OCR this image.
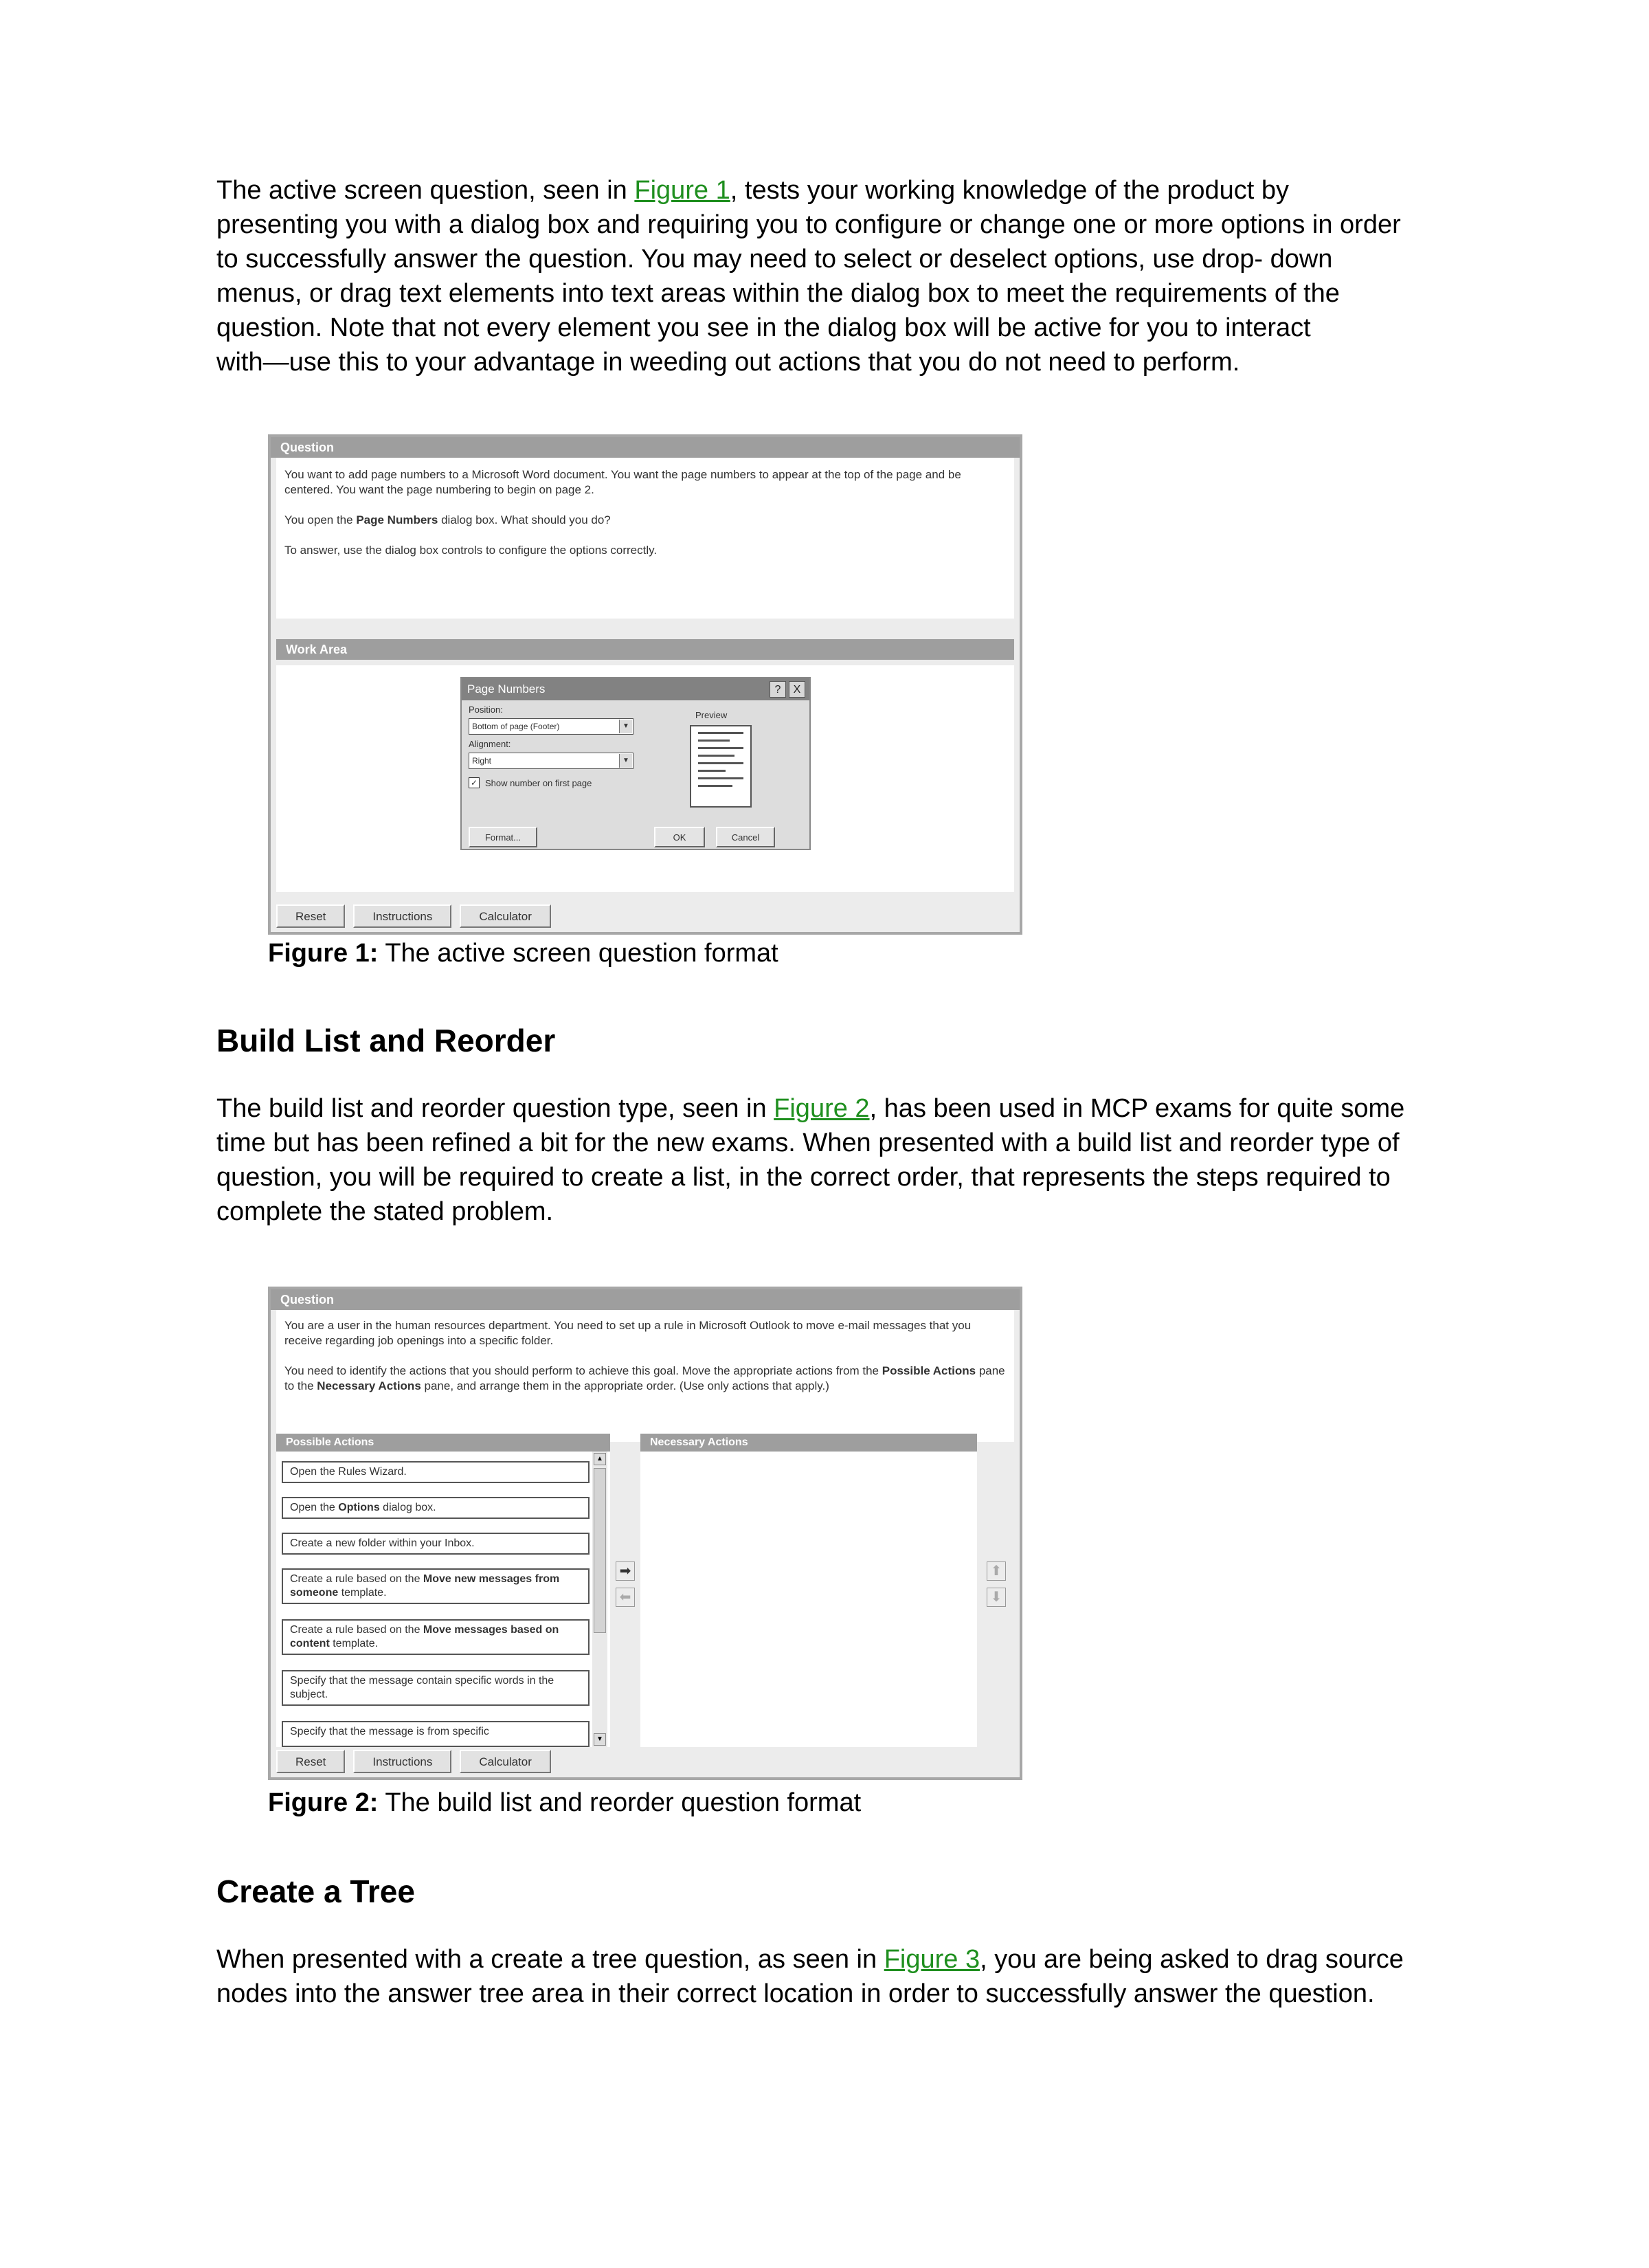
The active screen question, seen in Figure 1, tests your working knowledge of the product by
presenting you with a dialog box and requiring you to configure or change one or more options in order
to successfully answer the question. You may need to select or deselect options, use drop- down
menus, or drag text elements into text areas within the dialog box to meet the requirements of the
question. Note that not every element you see in the dialog box will be active for you to interact
with—use this to your advantage in weeding out actions that you do not need to perform.

Question

You want to add page numbers to a Microsoft Word document. You want the page numbers to appear at the top of the page and be centered. You want the page numbering to begin on page 2.

You open the Page Numbers dialog box. What should you do?

To answer, use the dialog box controls to configure the options correctly.

Work Area
Page Numbers	?	X
Position:
Bottom of page (Footer)	▼
Alignment:
Right	▼
✓ Show number on first page
Preview
Format...	OK	Cancel
Reset	Instructions	Calculator

Figure 1: The active screen question format

Build List and Reorder

The build list and reorder question type, seen in Figure 2, has been used in MCP exams for quite some
time but has been refined a bit for the new exams. When presented with a build list and reorder type of
question, you will be required to create a list, in the correct order, that represents the steps required to
complete the stated problem.

Question

You are a user in the human resources department. You need to set up a rule in Microsoft Outlook to move e-mail messages that you receive regarding job openings into a specific folder.

You need to identify the actions that you should perform to achieve this goal. Move the appropriate actions from the Possible Actions pane to the Necessary Actions pane, and arrange them in the appropriate order. (Use only actions that apply.)

Possible Actions
Open the Rules Wizard.
Open the Options dialog box.
Create a new folder within your Inbox.
Create a rule based on the Move new messages from someone template.
Create a rule based on the Move messages based on content template.
Specify that the message contain specific words in the subject.
Specify that the message is from specific
▲
▼
➡
⬅
Necessary Actions
⬆
⬇
Reset	Instructions	Calculator

Figure 2: The build list and reorder question format

Create a Tree

When presented with a create a tree question, as seen in Figure 3, you are being asked to drag source
nodes into the answer tree area in their correct location in order to successfully answer the question.
